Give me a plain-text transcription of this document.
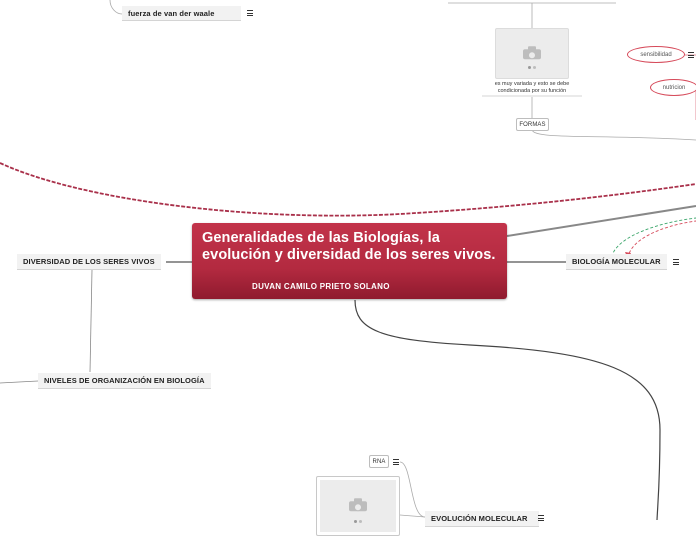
fuerza de van der waale
es muy variada y esto se debe
condicionada por su función
FORMAS
sensibilidad
nutricion
Generalidades de las Biologías, la evolución y diversidad de los seres vivos.
DUVAN CAMILO PRIETO SOLANO
DIVERSIDAD DE LOS SERES VIVOS	BIOLOGÍA MOLECULAR
NIVELES DE ORGANIZACIÓN EN BIOLOGÍA
RNA
EVOLUCIÓN MOLECULAR
